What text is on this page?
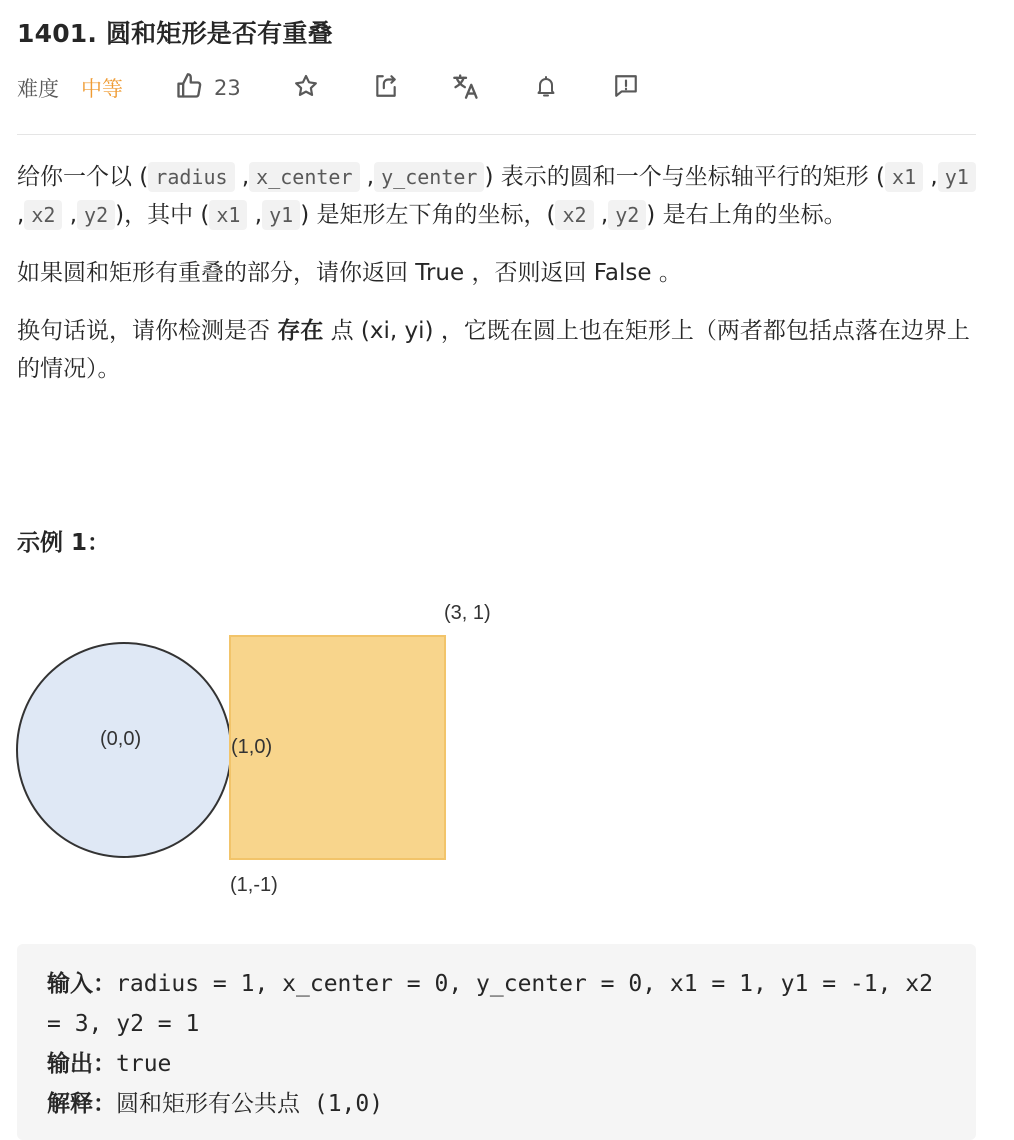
1401. 圆和矩形是否有重叠
难度 中等	23

给你一个以 ( radius , x_center , y_center ) 表示的圆和一个与坐标轴平行的矩形 ( x1 , y1 , x2 , y2 )，其中 ( x1 , y1 ) 是矩形左下角的坐标，( x2 , y2 ) 是右上角的坐标。

如果圆和矩形有重叠的部分，请你返回 True ，否则返回 False 。

换句话说，请你检测是否 存在 点 (xi, yi) ，它既在圆上也在矩形上（两者都包括点落在边界上的情况）。

示例 1：
(3, 1)
(0,0)	(1,0)
(1,-1)
输入：radius = 1, x_center = 0, y_center = 0, x1 = 1, y1 = -1, x2 = 3, y2 = 1
输出：true
解释：圆和矩形有公共点 (1,0)
